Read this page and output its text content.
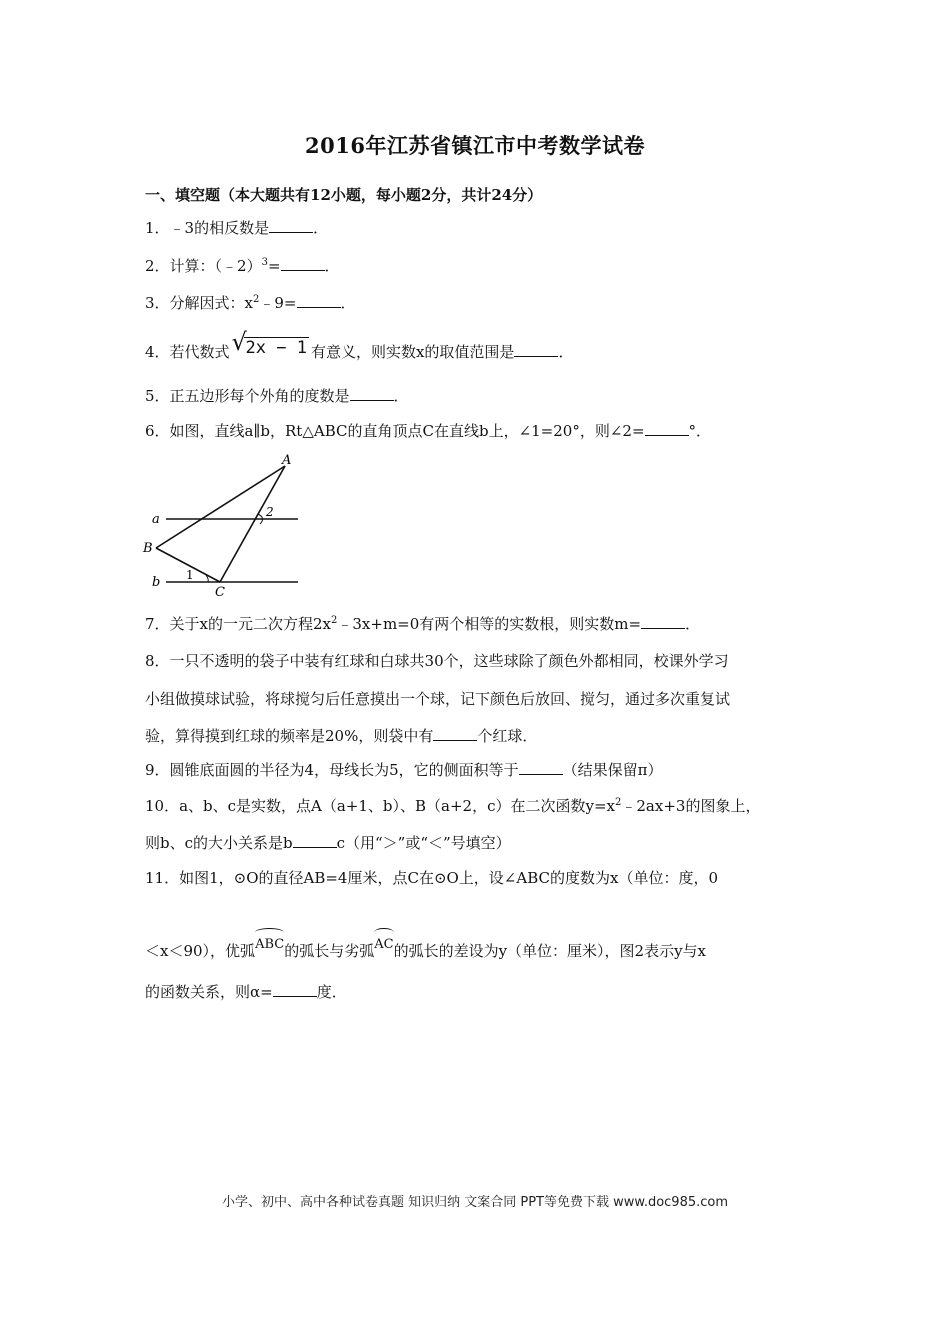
2016年江苏省镇江市中考数学试卷
一、填空题（本大题共有12小题，每小题2分，共计24分）
1．﹣3的相反数是	．
2．计算：（﹣2）$^3$=	．
3．分解因式：$x^2﹣9=$	．
4．若代数式 √
2x − 1 有意义，则实数x的取值范围是	．
5．正五边形每个外角的度数是	．
6．如图，直线a∥b，Rt△ABC的直角顶点C在直线b上，∠1=20°，则∠2=	°．
A
B
C
a
b 1
2
7．关于x的一元二次方程$2x^2﹣3x+m=0$有两个相等的实数根，则实数m=	．
8．一只不透明的袋子中装有红球和白球共30个，这些球除了颜色外都相同，校课外学习
小组做摸球试验，将球搅匀后任意摸出一个球，记下颜色后放回、搅匀，通过多次重复试
验，算得摸到红球的频率是20%，则袋中有	个红球．
9．圆锥底面圆的半径为4，母线长为5，它的侧面积等于	（结果保留π）
10．a、b、c是实数，点A（a+1、b）、B（a+2，c）在二次函数$y=x^2﹣2ax+3$的图象上，
则b、c的大小关系是b	c（用“＞”或“＜”号填空）
11．如图1，⊙O的直径AB=4厘米，点C在⊙O上，设∠ABC的度数为x（单位：度，0
＜x＜90），优弧ABC的弧长与劣弧AC的弧长的差设为y（单位：厘米），图2表示y与x
的函数关系，则α=	度．
小学、初中、高中各种试卷真题 知识归纳 文案合同 PPT等免费下载 www.doc985.com
